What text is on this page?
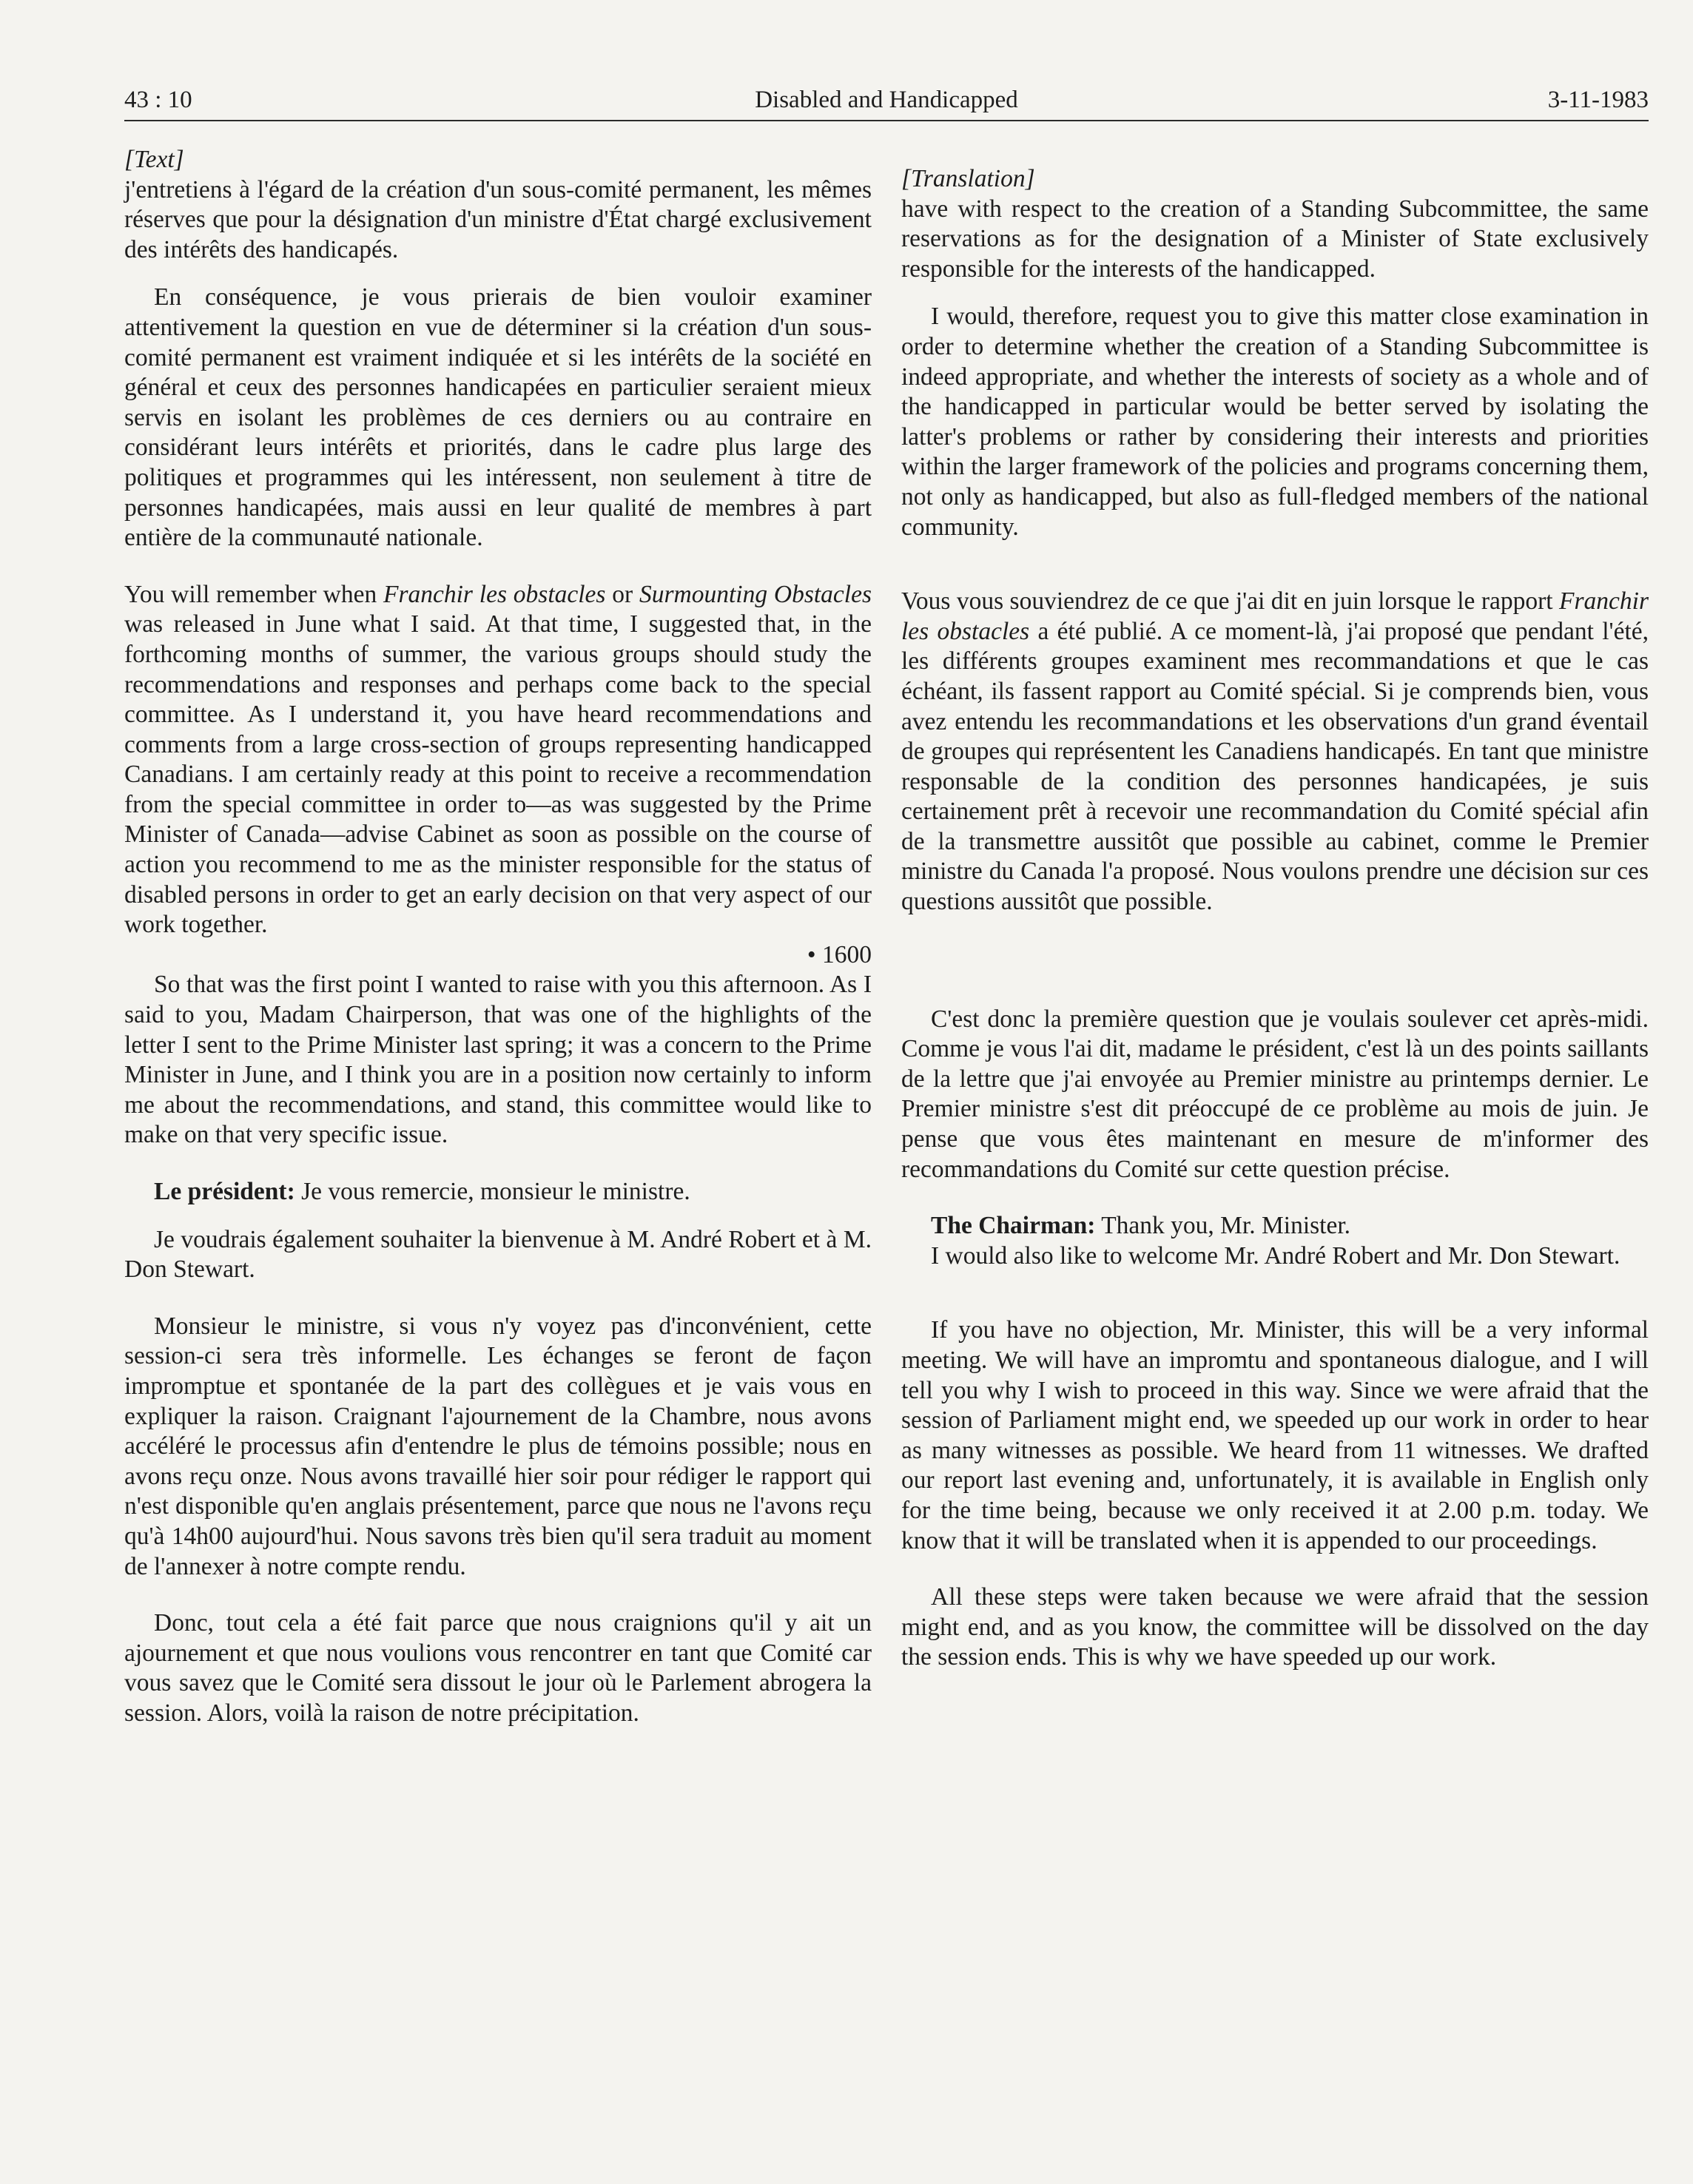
43 : 10	Disabled and Handicapped	3-11-1983

[Text]

j'entretiens à l'égard de la création d'un sous-comité permanent, les mêmes réserves que pour la désignation d'un ministre d'État chargé exclusivement des intérêts des handicapés.

En conséquence, je vous prierais de bien vouloir examiner attentivement la question en vue de déterminer si la création d'un sous-comité permanent est vraiment indiquée et si les intérêts de la société en général et ceux des personnes handicapées en particulier seraient mieux servis en isolant les problèmes de ces derniers ou au contraire en considérant leurs intérêts et priorités, dans le cadre plus large des politiques et programmes qui les intéressent, non seulement à titre de personnes handicapées, mais aussi en leur qualité de membres à part entière de la communauté nationale.

You will remember when Franchir les obstacles or Surmounting Obstacles was released in June what I said. At that time, I suggested that, in the forthcoming months of summer, the various groups should study the recommendations and responses and perhaps come back to the special committee. As I understand it, you have heard recommendations and comments from a large cross-section of groups representing handicapped Canadians. I am certainly ready at this point to receive a recommendation from the special committee in order to—as was suggested by the Prime Minister of Canada—advise Cabinet as soon as possible on the course of action you recommend to me as the minister responsible for the status of disabled persons in order to get an early decision on that very aspect of our work together.

• 1600

So that was the first point I wanted to raise with you this afternoon. As I said to you, Madam Chairperson, that was one of the highlights of the letter I sent to the Prime Minister last spring; it was a concern to the Prime Minister in June, and I think you are in a position now certainly to inform me about the recommendations, and stand, this committee would like to make on that very specific issue.

Le président: Je vous remercie, monsieur le ministre.

Je voudrais également souhaiter la bienvenue à M. André Robert et à M. Don Stewart.

Monsieur le ministre, si vous n'y voyez pas d'inconvénient, cette session-ci sera très informelle. Les échanges se feront de façon impromptue et spontanée de la part des collègues et je vais vous en expliquer la raison. Craignant l'ajournement de la Chambre, nous avons accéléré le processus afin d'entendre le plus de témoins possible; nous en avons reçu onze. Nous avons travaillé hier soir pour rédiger le rapport qui n'est disponible qu'en anglais présentement, parce que nous ne l'avons reçu qu'à 14h00 aujourd'hui. Nous savons très bien qu'il sera traduit au moment de l'annexer à notre compte rendu.

Donc, tout cela a été fait parce que nous craignions qu'il y ait un ajournement et que nous voulions vous rencontrer en tant que Comité car vous savez que le Comité sera dissout le jour où le Parlement abrogera la session. Alors, voilà la raison de notre précipitation.

[Translation]

have with respect to the creation of a Standing Subcommittee, the same reservations as for the designation of a Minister of State exclusively responsible for the interests of the handicapped.

I would, therefore, request you to give this matter close examination in order to determine whether the creation of a Standing Subcommittee is indeed appropriate, and whether the interests of society as a whole and of the handicapped in particular would be better served by isolating the latter's problems or rather by considering their interests and priorities within the larger framework of the policies and programs concerning them, not only as handicapped, but also as full-fledged members of the national community.

Vous vous souviendrez de ce que j'ai dit en juin lorsque le rapport Franchir les obstacles a été publié. A ce moment-là, j'ai proposé que pendant l'été, les différents groupes examinent mes recommandations et que le cas échéant, ils fassent rapport au Comité spécial. Si je comprends bien, vous avez entendu les recommandations et les observations d'un grand éventail de groupes qui représentent les Canadiens handicapés. En tant que ministre responsable de la condition des personnes handicapées, je suis certainement prêt à recevoir une recommandation du Comité spécial afin de la transmettre aussitôt que possible au cabinet, comme le Premier ministre du Canada l'a proposé. Nous voulons prendre une décision sur ces questions aussitôt que possible.

C'est donc la première question que je voulais soulever cet après-midi. Comme je vous l'ai dit, madame le président, c'est là un des points saillants de la lettre que j'ai envoyée au Premier ministre au printemps dernier. Le Premier ministre s'est dit préoccupé de ce problème au mois de juin. Je pense que vous êtes maintenant en mesure de m'informer des recommandations du Comité sur cette question précise.

The Chairman: Thank you, Mr. Minister.

I would also like to welcome Mr. André Robert and Mr. Don Stewart.

If you have no objection, Mr. Minister, this will be a very informal meeting. We will have an impromtu and spontaneous dialogue, and I will tell you why I wish to proceed in this way. Since we were afraid that the session of Parliament might end, we speeded up our work in order to hear as many witnesses as possible. We heard from 11 witnesses. We drafted our report last evening and, unfortunately, it is available in English only for the time being, because we only received it at 2.00 p.m. today. We know that it will be translated when it is appended to our proceedings.

All these steps were taken because we were afraid that the session might end, and as you know, the committee will be dissolved on the day the session ends. This is why we have speeded up our work.
